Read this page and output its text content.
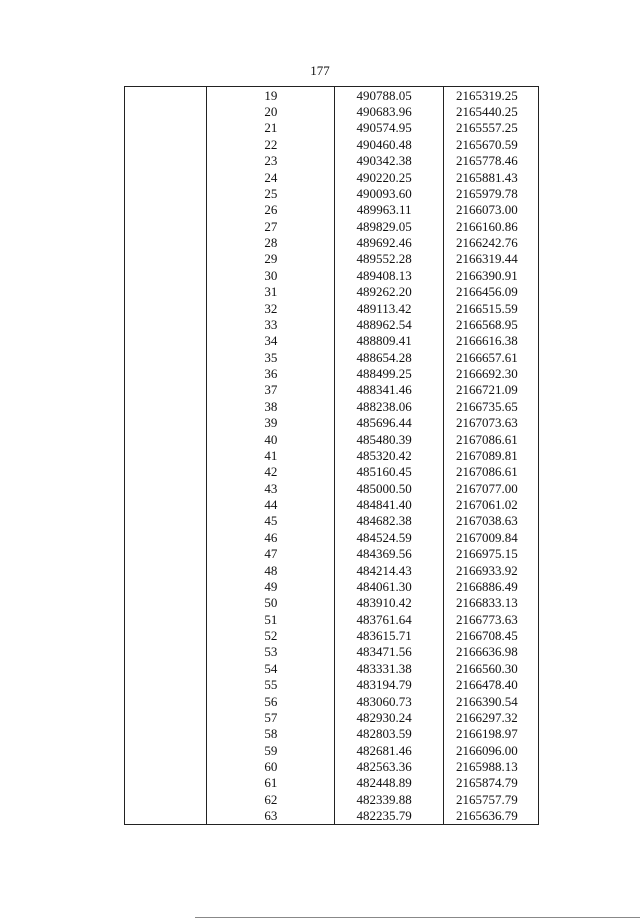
177
	19	490788.05	2165319.25
	20	490683.96	2165440.25
	21	490574.95	2165557.25
	22	490460.48	2165670.59
	23	490342.38	2165778.46
	24	490220.25	2165881.43
	25	490093.60	2165979.78
	26	489963.11	2166073.00
	27	489829.05	2166160.86
	28	489692.46	2166242.76
	29	489552.28	2166319.44
	30	489408.13	2166390.91
	31	489262.20	2166456.09
	32	489113.42	2166515.59
	33	488962.54	2166568.95
	34	488809.41	2166616.38
	35	488654.28	2166657.61
	36	488499.25	2166692.30
	37	488341.46	2166721.09
	38	488238.06	2166735.65
	39	485696.44	2167073.63
	40	485480.39	2167086.61
	41	485320.42	2167089.81
	42	485160.45	2167086.61
	43	485000.50	2167077.00
	44	484841.40	2167061.02
	45	484682.38	2167038.63
	46	484524.59	2167009.84
	47	484369.56	2166975.15
	48	484214.43	2166933.92
	49	484061.30	2166886.49
	50	483910.42	2166833.13
	51	483761.64	2166773.63
	52	483615.71	2166708.45
	53	483471.56	2166636.98
	54	483331.38	2166560.30
	55	483194.79	2166478.40
	56	483060.73	2166390.54
	57	482930.24	2166297.32
	58	482803.59	2166198.97
	59	482681.46	2166096.00
	60	482563.36	2165988.13
	61	482448.89	2165874.79
	62	482339.88	2165757.79
	63	482235.79	2165636.79
